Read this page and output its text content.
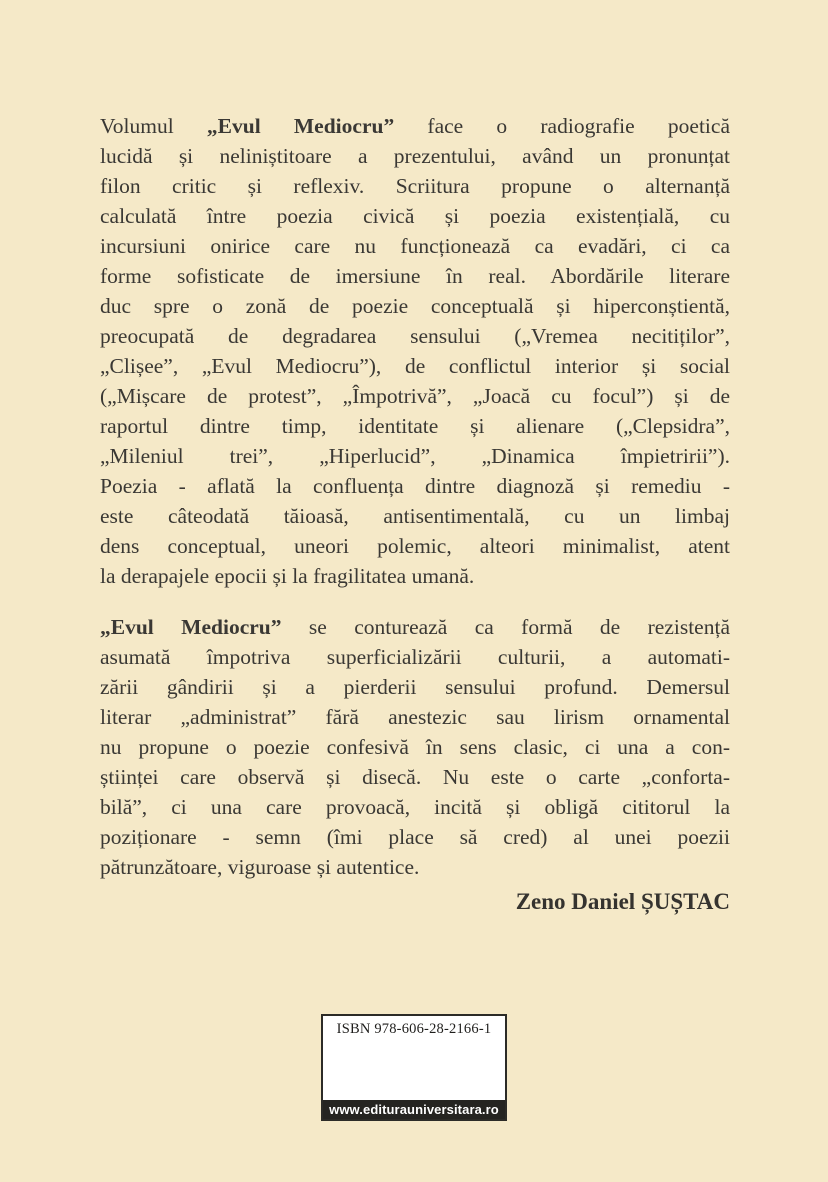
Volumul „Evul Mediocru” face o radiografie poetică
lucidă și neliniștitoare a prezentului, având un pronunțat
filon critic și reflexiv. Scriitura propune o alternanță
calculată între poezia civică și poezia existențială, cu
incursiuni onirice care nu funcționează ca evadări, ci ca
forme sofisticate de imersiune în real. Abordările literare
duc spre o zonă de poezie conceptuală și hiperconștientă,
preocupată de degradarea sensului („Vremea necitiților”,
„Clișee”, „Evul Mediocru”), de conflictul interior și social
(„Mișcare de protest”, „Împotrivă”, „Joacă cu focul”) și de
raportul dintre timp, identitate și alienare („Clepsidra”,
„Mileniul trei”, „Hiperlucid”, „Dinamica împietririi”).
Poezia - aflată la confluența dintre diagnoză și remediu -
este câteodată tăioasă, antisentimentală, cu un limbaj
dens conceptual, uneori polemic, alteori minimalist, atent
la derapajele epocii și la fragilitatea umană.
„Evul Mediocru” se conturează ca formă de rezistență
asumată împotriva superficializării culturii, a automati-
zării gândirii și a pierderii sensului profund. Demersul
literar „administrat” fără anestezic sau lirism ornamental
nu propune o poezie confesivă în sens clasic, ci una a con-
științei care observă și disecă. Nu este o carte „conforta-
bilă”, ci una care provoacă, incită și obligă cititorul la
poziționare - semn (îmi place să cred) al unei poezii
pătrunzătoare, viguroase și autentice.
Zeno Daniel ȘUȘTAC
ISBN 978-606-28-2166-1
www.editurauniversitara.ro
